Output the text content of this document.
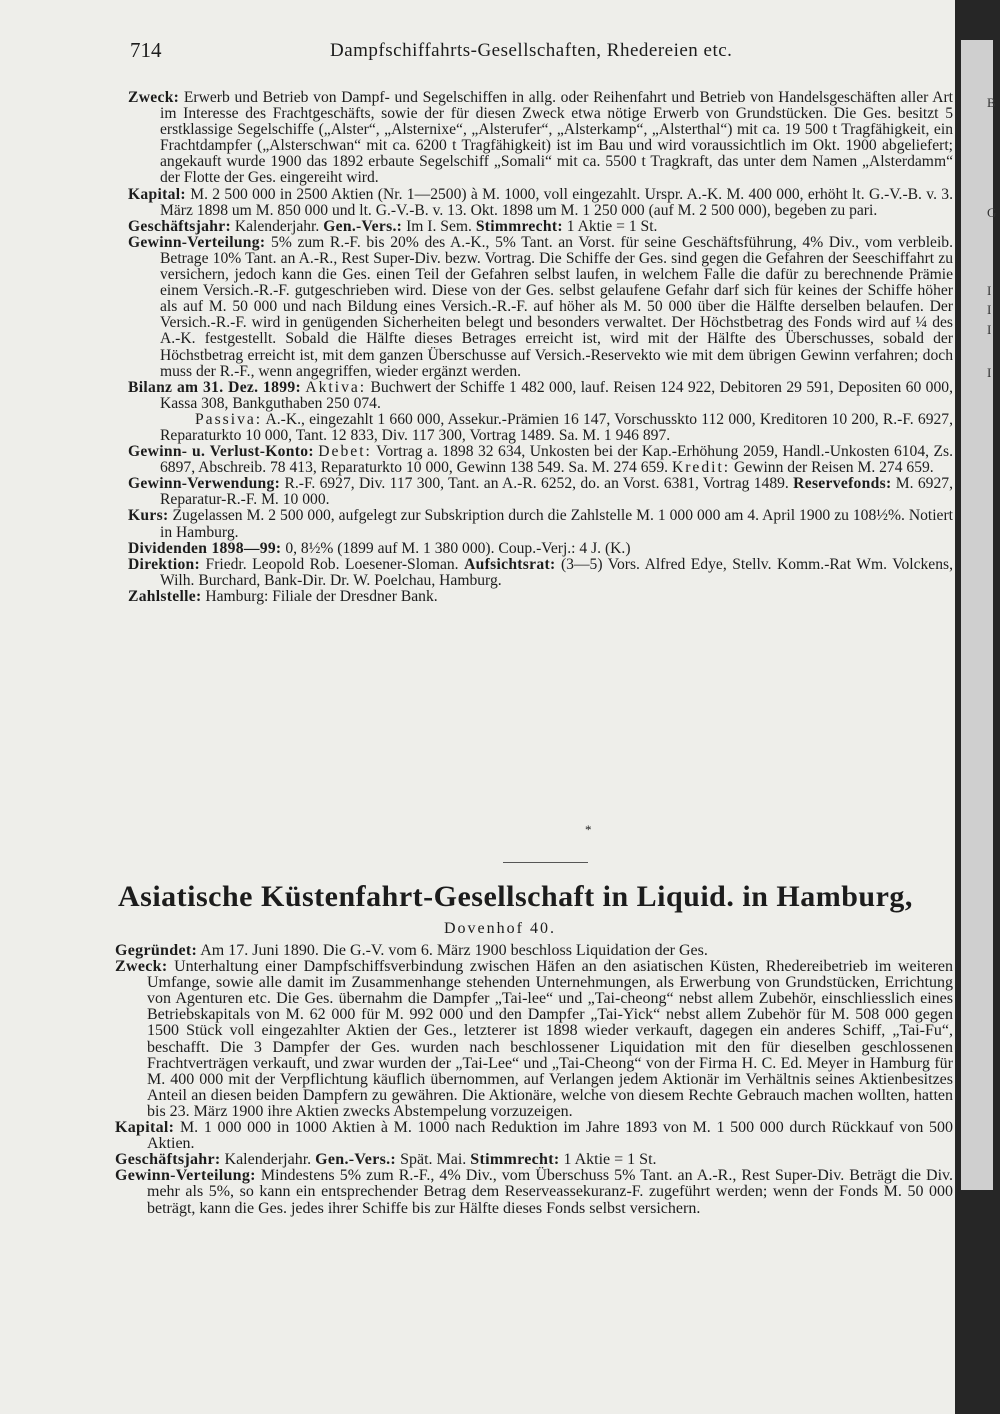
714	Dampfschiffahrts-Gesellschaften, Rhedereien etc.

Zweck: Erwerb und Betrieb von Dampf- und Segelschiffen in allg. oder Reihenfahrt und Betrieb von Handelsgeschäften aller Art im Interesse des Frachtgeschäfts, sowie der für diesen Zweck etwa nötige Erwerb von Grundstücken. Die Ges. besitzt 5 erstklassige Segelschiffe („Alster“, „Alsternixe“, „Alsterufer“, „Alsterkamp“, „Alsterthal“) mit ca. 19 500 t Tragfähigkeit, ein Frachtdampfer („Alsterschwan“ mit ca. 6200 t Tragfähigkeit) ist im Bau und wird voraussichtlich im Okt. 1900 abgeliefert; angekauft wurde 1900 das 1892 erbaute Segelschiff „Somali“ mit ca. 5500 t Tragkraft, das unter dem Namen „Alsterdamm“ der Flotte der Ges. eingereiht wird.

Kapital: M. 2 500 000 in 2500 Aktien (Nr. 1—2500) à M. 1000, voll eingezahlt. Urspr. A.-K. M. 400 000, erhöht lt. G.-V.-B. v. 3. März 1898 um M. 850 000 und lt. G.-V.-B. v. 13. Okt. 1898 um M. 1 250 000 (auf M. 2 500 000), begeben zu pari.

Geschäftsjahr: Kalenderjahr. Gen.-Vers.: Im I. Sem. Stimmrecht: 1 Aktie = 1 St.

Gewinn-Verteilung: 5% zum R.-F. bis 20% des A.-K., 5% Tant. an Vorst. für seine Geschäftsführung, 4% Div., vom verbleib. Betrage 10% Tant. an A.-R., Rest Super-Div. bezw. Vortrag. Die Schiffe der Ges. sind gegen die Gefahren der Seeschiffahrt zu versichern, jedoch kann die Ges. einen Teil der Gefahren selbst laufen, in welchem Falle die dafür zu berechnende Prämie einem Versich.-R.-F. gutgeschrieben wird. Diese von der Ges. selbst gelaufene Gefahr darf sich für keines der Schiffe höher als auf M. 50 000 und nach Bildung eines Versich.-R.-F. auf höher als M. 50 000 über die Hälfte derselben belaufen. Der Versich.-R.-F. wird in genügenden Sicherheiten belegt und besonders verwaltet. Der Höchstbetrag des Fonds wird auf ¼ des A.-K. festgestellt. Sobald die Hälfte dieses Betrages erreicht ist, wird mit der Hälfte des Überschusses, sobald der Höchstbetrag erreicht ist, mit dem ganzen Überschusse auf Versich.-Reservekto wie mit dem übrigen Gewinn verfahren; doch muss der R.-F., wenn angegriffen, wieder ergänzt werden.

Bilanz am 31. Dez. 1899: Aktiva: Buchwert der Schiffe 1 482 000, lauf. Reisen 124 922, Debitoren 29 591, Depositen 60 000, Kassa 308, Bankguthaben 250 074.

Passiva: A.-K., eingezahlt 1 660 000, Assekur.-Prämien 16 147, Vorschusskto 112 000, Kreditoren 10 200, R.-F. 6927, Reparaturkto 10 000, Tant. 12 833, Div. 117 300, Vortrag 1489. Sa. M. 1 946 897.

Gewinn- u. Verlust-Konto: Debet: Vortrag a. 1898 32 634, Unkosten bei der Kap.-Erhöhung 2059, Handl.-Unkosten 6104, Zs. 6897, Abschreib. 78 413, Reparaturkto 10 000, Gewinn 138 549. Sa. M. 274 659. Kredit: Gewinn der Reisen M. 274 659.

Gewinn-Verwendung: R.-F. 6927, Div. 117 300, Tant. an A.-R. 6252, do. an Vorst. 6381, Vortrag 1489. Reservefonds: M. 6927, Reparatur-R.-F. M. 10 000.

Kurs: Zugelassen M. 2 500 000, aufgelegt zur Subskription durch die Zahlstelle M. 1 000 000 am 4. April 1900 zu 108½%. Notiert in Hamburg.

Dividenden 1898—99: 0, 8½% (1899 auf M. 1 380 000). Coup.-Verj.: 4 J. (K.)

Direktion: Friedr. Leopold Rob. Loesener-Sloman. Aufsichtsrat: (3—5) Vors. Alfred Edye, Stellv. Komm.-Rat Wm. Volckens, Wilh. Burchard, Bank-Dir. Dr. W. Poelchau, Hamburg.

Zahlstelle: Hamburg: Filiale der Dresdner Bank.

*
Asiatische Küstenfahrt-Gesellschaft in Liquid. in Hamburg,
Dovenhof 40.

Gegründet: Am 17. Juni 1890. Die G.-V. vom 6. März 1900 beschloss Liquidation der Ges.

Zweck: Unterhaltung einer Dampfschiffsverbindung zwischen Häfen an den asiatischen Küsten, Rhedereibetrieb im weiteren Umfange, sowie alle damit im Zusammenhange stehenden Unternehmungen, als Erwerbung von Grundstücken, Errichtung von Agenturen etc. Die Ges. übernahm die Dampfer „Tai-lee“ und „Tai-cheong“ nebst allem Zubehör, einschliesslich eines Betriebskapitals von M. 62 000 für M. 992 000 und den Dampfer „Tai-Yick“ nebst allem Zubehör für M. 508 000 gegen 1500 Stück voll eingezahlter Aktien der Ges., letzterer ist 1898 wieder verkauft, dagegen ein anderes Schiff, „Tai-Fu“, beschafft. Die 3 Dampfer der Ges. wurden nach beschlossener Liquidation mit den für dieselben geschlossenen Frachtverträgen verkauft, und zwar wurden der „Tai-Lee“ und „Tai-Cheong“ von der Firma H. C. Ed. Meyer in Hamburg für M. 400 000 mit der Verpflichtung käuflich übernommen, auf Verlangen jedem Aktionär im Verhältnis seines Aktienbesitzes Anteil an diesen beiden Dampfern zu gewähren. Die Aktionäre, welche von diesem Rechte Gebrauch machen wollten, hatten bis 23. März 1900 ihre Aktien zwecks Abstempelung vorzuzeigen.

Kapital: M. 1 000 000 in 1000 Aktien à M. 1000 nach Reduktion im Jahre 1893 von M. 1 500 000 durch Rückkauf von 500 Aktien.

Geschäftsjahr: Kalenderjahr. Gen.-Vers.: Spät. Mai. Stimmrecht: 1 Aktie = 1 St.

Gewinn-Verteilung: Mindestens 5% zum R.-F., 4% Div., vom Überschuss 5% Tant. an A.-R., Rest Super-Div. Beträgt die Div. mehr als 5%, so kann ein entsprechender Betrag dem Reserveassekuranz-F. zugeführt werden; wenn der Fonds M. 50 000 beträgt, kann die Ges. jedes ihrer Schiffe bis zur Hälfte dieses Fonds selbst versichern.

B
G
I
I
I
I
